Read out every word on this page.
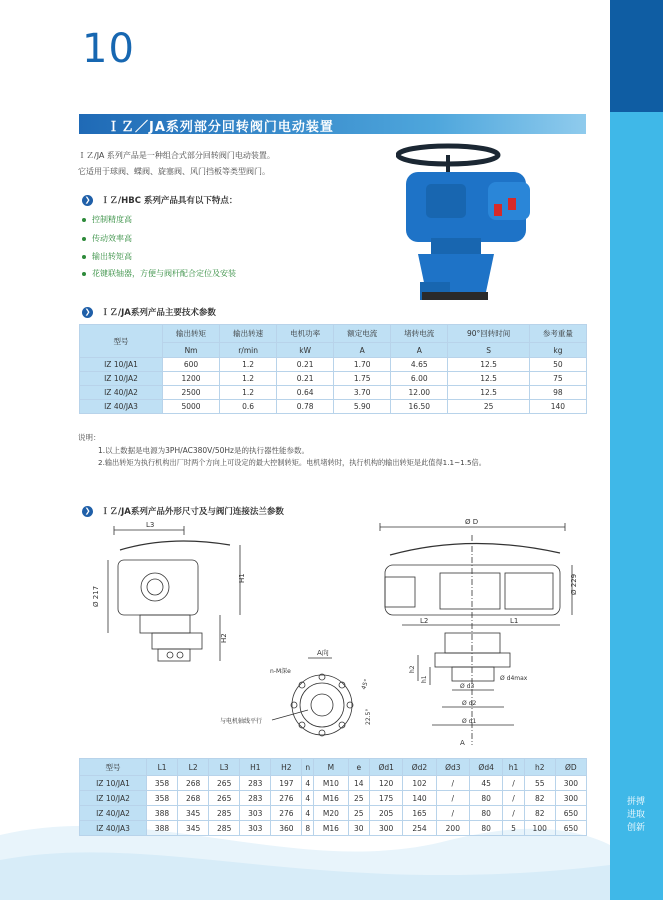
拼搏
进取
创新
10
ＩＺ／JA系列部分回转阀门电动装置
ＩＺ/JA 系列产品是一种组合式部分回转阀门电动装置。
它适用于球阀、蝶阀、旋塞阀、风门挡板等类型阀门。
❯ ＩＺ/HBC 系列产品具有以下特点：
控制精度高
传动效率高
输出转矩高
花键联轴器，方便与阀杆配合定位及安装
❯ ＩＺ/JA系列产品主要技术参数
型号	输出转矩	输出转速	电机功率	额定电流	堵转电流	90°回转时间	参考重量
	Nm	r/min	kW	A	A	S	kg
IZ 10/JA1	600	1.2	0.21	1.70	4.65	12.5	50
IZ 10/JA2	1200	1.2	0.21	1.75	6.00	12.5	75
IZ 40/JA2	2500	1.2	0.64	3.70	12.00	12.5	98
IZ 40/JA3	5000	0.6	0.78	5.90	16.50	25	140
说明：
1.以上数据是电源为3PH/AC380V/50Hz是的执行器性能参数。
2.输出转矩为执行机构出厂时两个方向上可设定的最大控制转矩。电机堵转时，执行机构的输出转矩是此值得1.1~1.5倍。
❯ ＩＺ/JA系列产品外形尺寸及与阀门连接法兰参数
L3
Ø 217
H1
H2
A向
n-M深e
45°
22.5°
与电机轴线平行
Ø D
Ø 229
L2	L1
h2
h1	Ø d4max
Ø d3
Ø d2
Ø d1
A
型号	L1	L2	L3	H1	H2	n	M	e	Ød1	Ød2	Ød3	Ød4	h1	h2	ØD
IZ 10/JA1	358	268	265	283	197	4	M10	14	120	102	/	45	/	55	300
IZ 10/JA2	358	268	265	283	276	4	M16	25	175	140	/	80	/	82	300
IZ 40/JA2	388	345	285	303	276	4	M20	25	205	165	/	80	/	82	650
IZ 40/JA3	388	345	285	303	360	8	M16	30	300	254	200	80	5	100	650
